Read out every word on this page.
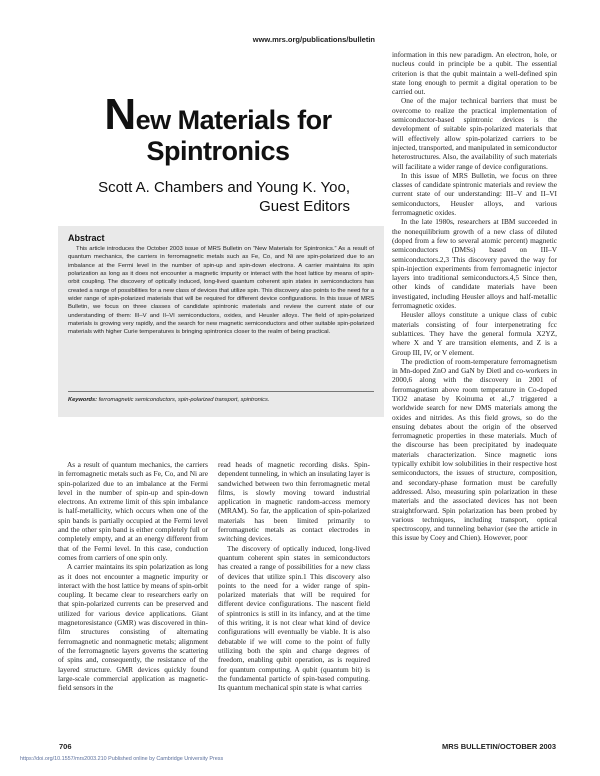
www.mrs.org/publications/bulletin
New Materials for
Spintronics
Scott A. Chambers and Young K. Yoo,
Guest Editors
Abstract
This article introduces the October 2003 issue of MRS Bulletin on “New Materials for Spintronics.” As a result of quantum mechanics, the carriers in ferromagnetic metals such as Fe, Co, and Ni are spin-polarized due to an imbalance at the Fermi level in the number of spin-up and spin-down electrons. A carrier maintains its spin polarization as long as it does not encounter a magnetic impurity or interact with the host lattice by means of spin-orbit coupling. The discovery of optically induced, long-lived quantum coherent spin states in semiconductors has created a range of possibilities for a new class of devices that utilize spin. This discovery also points to the need for a wider range of spin-polarized materials that will be required for different device configurations. In this issue of MRS Bulletin, we focus on three classes of candidate spintronic materials and review the current state of our understanding of them: III–V and II–VI semiconductors, oxides, and Heusler alloys. The field of spin-polarized materials is growing very rapidly, and the search for new magnetic semiconductors and other suitable spin-polarized materials with higher Curie temperatures is bringing spintronics closer to the realm of being practical.
Keywords: ferromagnetic semiconductors, spin-polarized transport, spintronics.

As a result of quantum mechanics, the carriers in ferromagnetic metals such as Fe, Co, and Ni are spin-polarized due to an imbalance at the Fermi level in the number of spin-up and spin-down electrons. An extreme limit of this spin imbalance is half-metallicity, which occurs when one of the spin bands is partially occupied at the Fermi level and the other spin band is either completely full or completely empty, and at an energy different from that of the Fermi level. In this case, conduction comes from carriers of one spin only.

A carrier maintains its spin polarization as long as it does not encounter a magnetic impurity or interact with the host lattice by means of spin-orbit coupling. It became clear to researchers early on that spin-polarized currents can be preserved and utilized for various device applications. Giant magnetoresistance (GMR) was discovered in thin-film structures consisting of alternating ferromagnetic and nonmagnetic metals; alignment of the ferromagnetic layers governs the scattering of spins and, consequently, the resistance of the layered structure. GMR devices quickly found large-scale commercial application as magnetic-field sensors in the

read heads of magnetic recording disks. Spin-dependent tunneling, in which an insulating layer is sandwiched between two thin ferromagnetic metal films, is slowly moving toward industrial application in magnetic random-access memory (MRAM). So far, the application of spin-polarized materials has been limited primarily to ferromagnetic metals as contact electrodes in switching devices.

The discovery of optically induced, long-lived quantum coherent spin states in semiconductors has created a range of possibilities for a new class of devices that utilize spin.1 This discovery also points to the need for a wider range of spin-polarized materials that will be required for different device configurations. The nascent field of spintronics is still in its infancy, and at the time of this writing, it is not clear what kind of device configurations will eventually be viable. It is also debatable if we will come to the point of fully utilizing both the spin and charge degrees of freedom, enabling qubit operation, as is required for quantum computing. A qubit (quantum bit) is the fundamental particle of spin-based computing. Its quantum mechanical spin state is what carries

information in this new paradigm. An electron, hole, or nucleus could in principle be a qubit. The essential criterion is that the qubit maintain a well-defined spin state long enough to permit a digital operation to be carried out.

One of the major technical barriers that must be overcome to realize the practical implementation of semiconductor-based spintronic devices is the development of suitable spin-polarized materials that will effectively allow spin-polarized carriers to be injected, transported, and manipulated in semiconductor heterostructures. Also, the availability of such materials will facilitate a wider range of device configurations.

In this issue of MRS Bulletin, we focus on three classes of candidate spintronic materials and review the current state of our understanding: III–V and II–VI semiconductors, Heusler alloys, and various ferromagnetic oxides.

In the late 1980s, researchers at IBM succeeded in the nonequilibrium growth of a new class of diluted (doped from a few to several atomic percent) magnetic semiconductors (DMSs) based on III–V semiconductors.2,3 This discovery paved the way for spin-injection experiments from ferromagnetic injector layers into traditional semiconductors.4,5 Since then, other kinds of candidate materials have been investigated, including Heusler alloys and half-metallic ferromagnetic oxides.

Heusler alloys constitute a unique class of cubic materials consisting of four interpenetrating fcc sublattices. They have the general formula X2YZ, where X and Y are transition elements, and Z is a Group III, IV, or V element.

The prediction of room-temperature ferromagnetism in Mn-doped ZnO and GaN by Dietl and co-workers in 2000,6 along with the discovery in 2001 of ferromagnetism above room temperature in Co-doped TiO2 anatase by Koinuma et al.,7 triggered a worldwide search for new DMS materials among the oxides and nitrides. As this field grows, so do the ensuing debates about the origin of the observed ferromagnetic properties in these materials. Much of the discourse has been precipitated by inadequate materials characterization. Since magnetic ions typically exhibit low solubilities in their respective host semiconductors, the issues of structure, composition, and secondary-phase formation must be carefully addressed. Also, measuring spin polarization in these materials and the associated devices has not been straightforward. Spin polarization has been probed by various techniques, including transport, optical spectroscopy, and tunneling behavior (see the article in this issue by Coey and Chien). However, poor

706	MRS BULLETIN/OCTOBER 2003
https://doi.org/10.1557/mrs2003.210 Published online by Cambridge University Press
